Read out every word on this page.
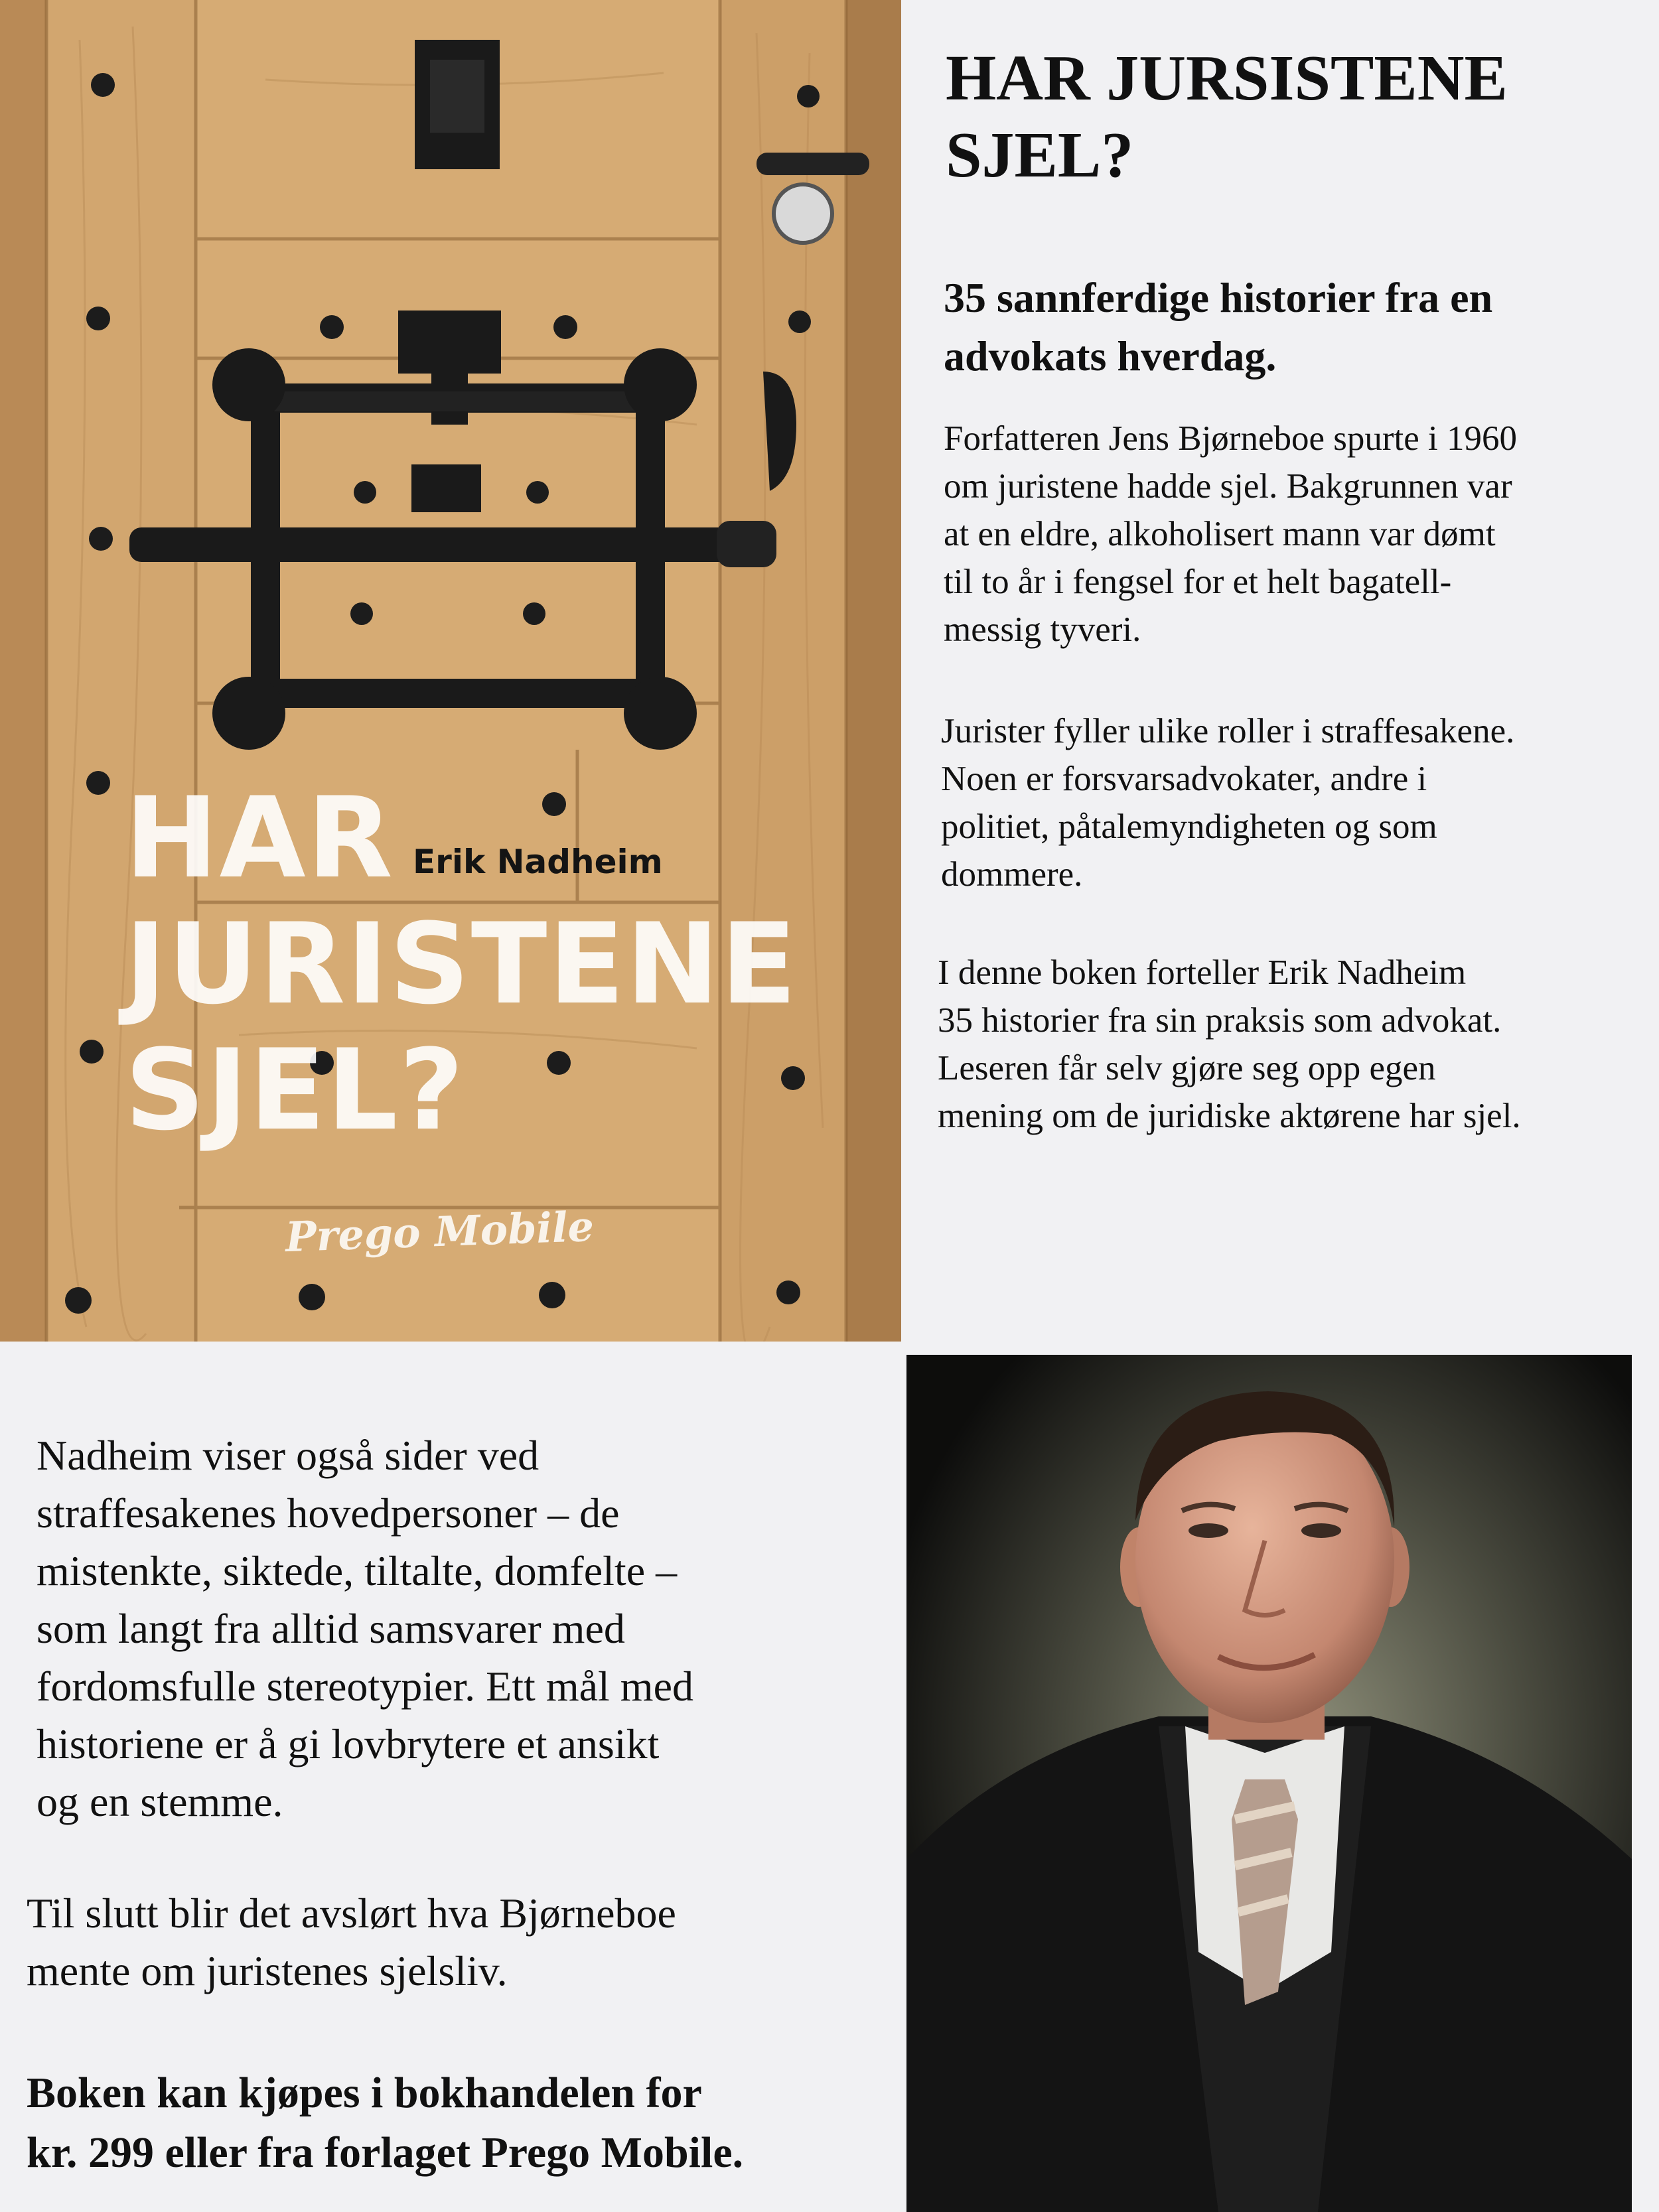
HAR
JURISTENE
SJEL?
Erik Nadheim
Prego Mobile
HAR JURSISTENE
SJEL?
35 sannferdige historier fra en
advokats hverdag.
Forfatteren Jens Bjørneboe spurte i 1960
om juristene hadde sjel. Bakgrunnen var
at en eldre, alkoholisert mann var dømt
til to år i fengsel for et helt bagatell-
messig tyveri.
Jurister fyller ulike roller i straffesakene.
Noen er forsvarsadvokater, andre i
politiet, påtalemyndigheten og som
dommere.
I denne boken forteller Erik Nadheim
35 historier fra sin praksis som advokat.
Leseren får selv gjøre seg opp egen
mening om de juridiske aktørene har sjel.
Nadheim viser også sider ved
straffesakenes hovedpersoner – de
mistenkte, siktede, tiltalte, domfelte –
som langt fra alltid samsvarer med
fordomsfulle stereotypier. Ett mål med
historiene er å gi lovbrytere et ansikt
og en stemme.
Til slutt blir det avslørt hva Bjørneboe
mente om juristenes sjelsliv.
Boken kan kjøpes i bokhandelen for
kr. 299 eller fra forlaget Prego Mobile.
